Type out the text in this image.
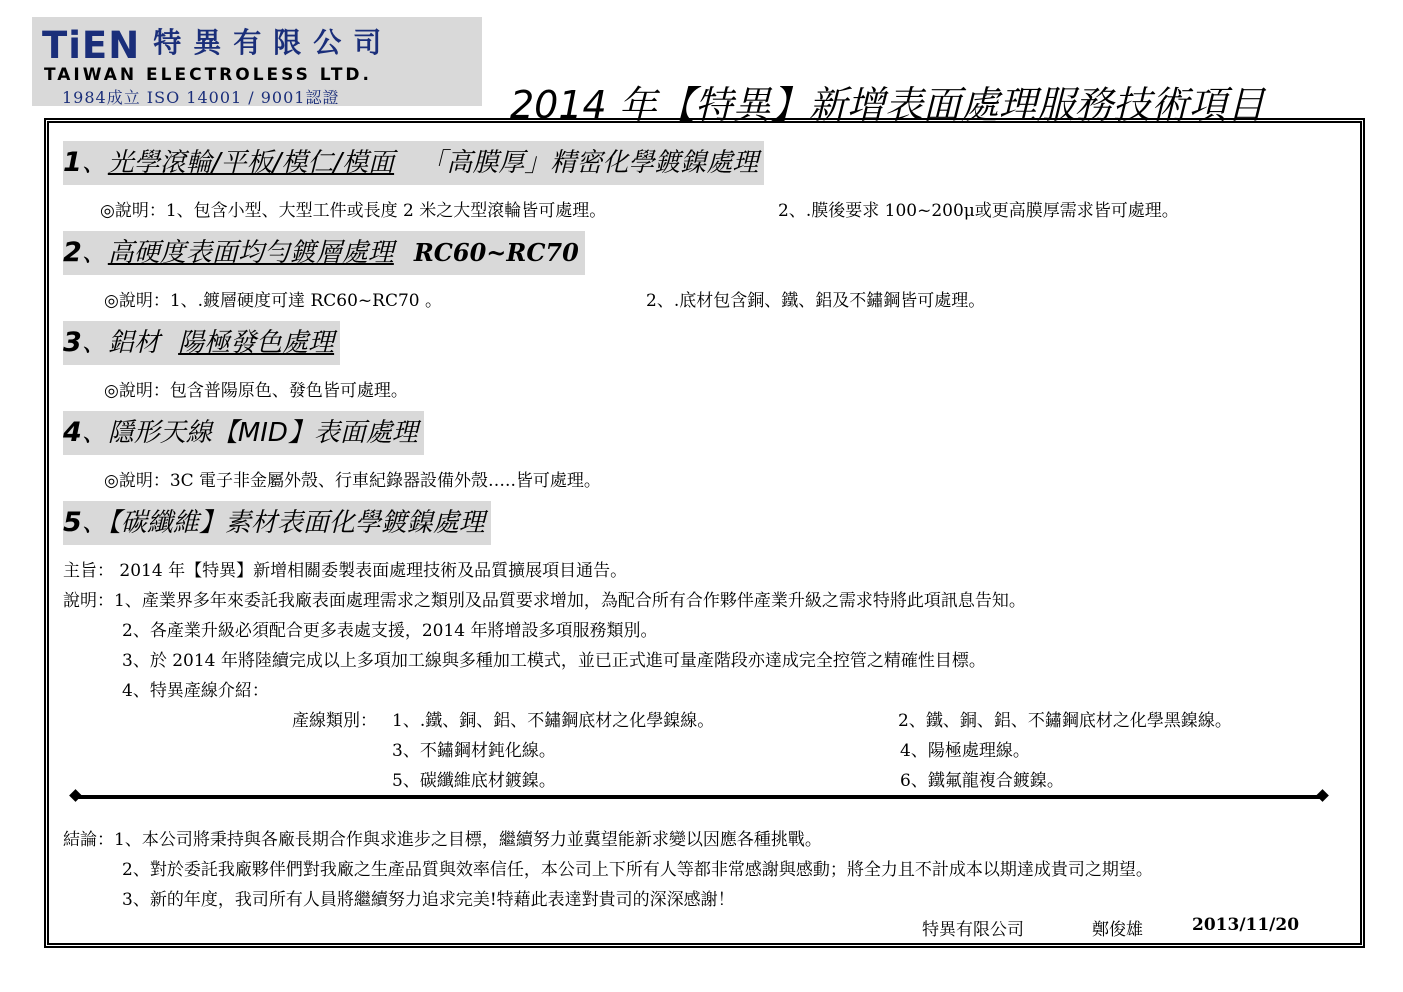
TiEN 特異有限公司
TAIWAN ELECTROLESS LTD.
1984成立 ISO 14001 / 9001認證	2014 年【特異】新增表面處理服務技術項目
1、光學滾輪/平板/模仁/模面 「高膜厚」精密化學鍍鎳處理
◎說明：1、包含小型、大型工件或長度 2 米之大型滾輪皆可處理。	2、.膜後要求 100~200μ或更高膜厚需求皆可處理。
2、高硬度表面均勻鍍層處理 RC60~RC70
◎說明：1、.鍍層硬度可達 RC60~RC70 。	2、.底材包含銅、鐵、鋁及不鏽鋼皆可處理。
3、鋁材 陽極發色處理
◎說明：包含普陽原色、發色皆可處理。
4、隱形天線【MID】表面處理
◎說明：3C 電子非金屬外殼、行車紀錄器設備外殼…..皆可處理。
5、【碳纖維】素材表面化學鍍鎳處理
主旨： 2014 年【特異】新增相關委製表面處理技術及品質擴展項目通告。
說明：1、產業界多年來委託我廠表面處理需求之類別及品質要求增加，為配合所有合作夥伴產業升級之需求特將此項訊息告知。
2、各產業升級必須配合更多表處支援，2014 年將增設多項服務類別。
3、於 2014 年將陸續完成以上多項加工線與多種加工模式，並已正式進可量產階段亦達成完全控管之精確性目標。
4、特異產線介紹：
產線類別： 1、.鐵、銅、鋁、不鏽鋼底材之化學鎳線。	2、鐵、銅、鋁、不鏽鋼底材之化學黑鎳線。
3、不鏽鋼材鈍化線。	4、陽極處理線。
5、碳纖維底材鍍鎳。	6、鐵氟龍複合鍍鎳。
結論：1、本公司將秉持與各廠長期合作與求進步之目標，繼續努力並冀望能新求變以因應各種挑戰。
2、對於委託我廠夥伴們對我廠之生產品質與效率信任，本公司上下所有人等都非常感謝與感動；將全力且不計成本以期達成貴司之期望。
3、新的年度，我司所有人員將繼續努力追求完美!特藉此表達對貴司的深深感謝！
特異有限公司	鄭俊雄	2013/11/20
